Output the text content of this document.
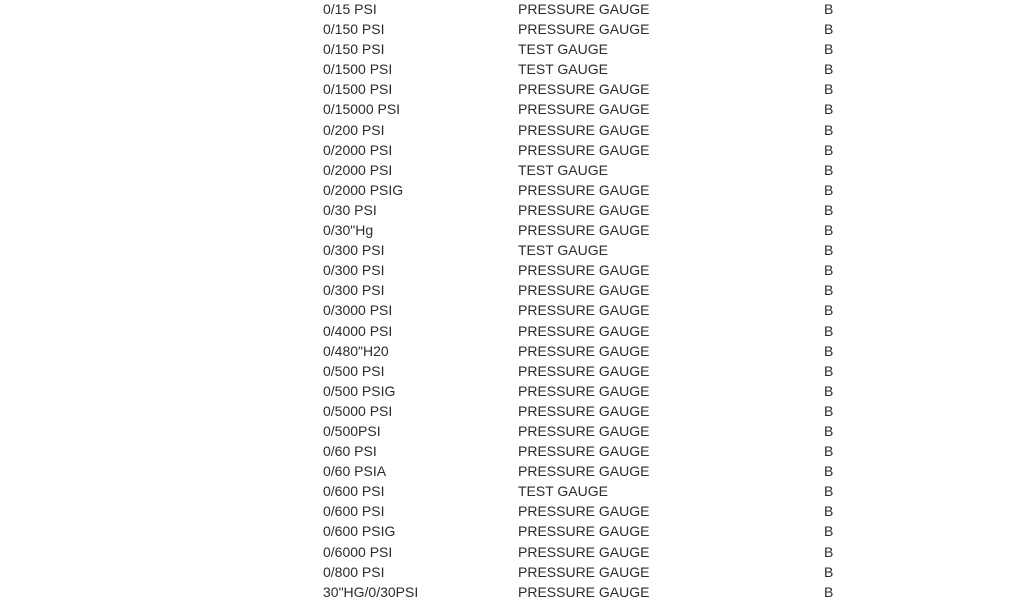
0/15 PSI	PRESSURE GAUGE	B
0/150 PSI	PRESSURE GAUGE	B
0/150 PSI	TEST GAUGE	B
0/1500 PSI	TEST GAUGE	B
0/1500 PSI	PRESSURE GAUGE	B
0/15000 PSI	PRESSURE GAUGE	B
0/200 PSI	PRESSURE GAUGE	B
0/2000 PSI	PRESSURE GAUGE	B
0/2000 PSI	TEST GAUGE	B
0/2000 PSIG	PRESSURE GAUGE	B
0/30 PSI	PRESSURE GAUGE	B
0/30"Hg	PRESSURE GAUGE	B
0/300 PSI	TEST GAUGE	B
0/300 PSI	PRESSURE GAUGE	B
0/300 PSI	PRESSURE GAUGE	B
0/3000 PSI	PRESSURE GAUGE	B
0/4000 PSI	PRESSURE GAUGE	B
0/480"H20	PRESSURE GAUGE	B
0/500 PSI	PRESSURE GAUGE	B
0/500 PSIG	PRESSURE GAUGE	B
0/5000 PSI	PRESSURE GAUGE	B
0/500PSI	PRESSURE GAUGE	B
0/60 PSI	PRESSURE GAUGE	B
0/60 PSIA	PRESSURE GAUGE	B
0/600 PSI	TEST GAUGE	B
0/600 PSI	PRESSURE GAUGE	B
0/600 PSIG	PRESSURE GAUGE	B
0/6000 PSI	PRESSURE GAUGE	B
0/800 PSI	PRESSURE GAUGE	B
30"HG/0/30PSI	PRESSURE GAUGE	B
